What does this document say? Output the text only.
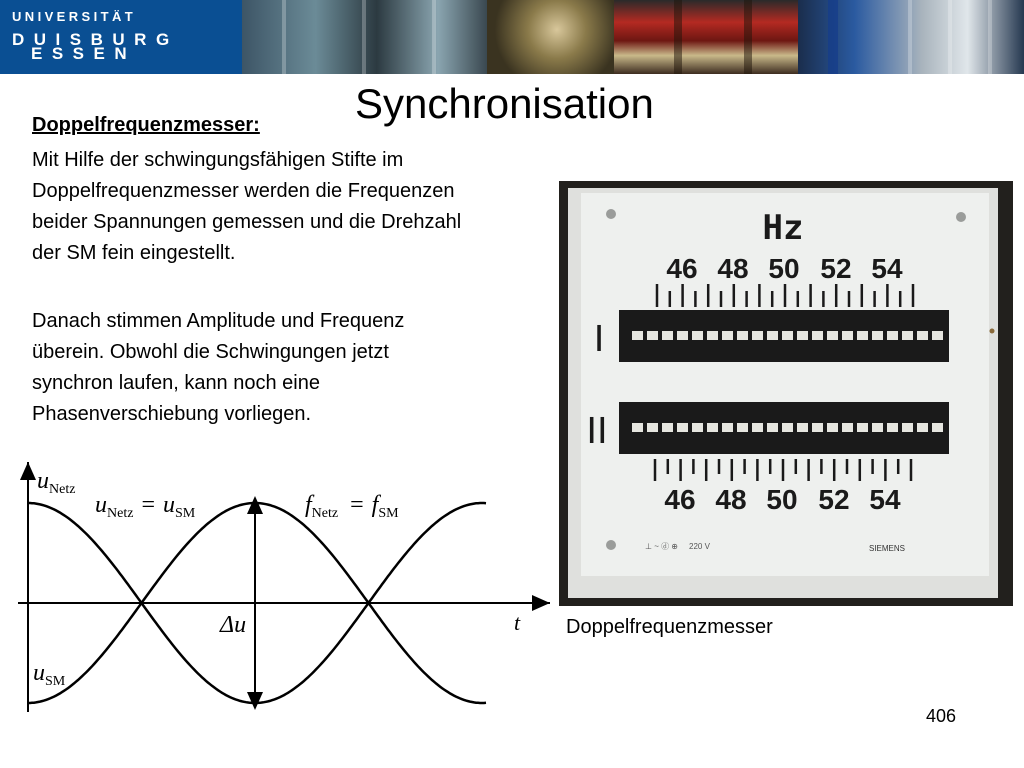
UNIVERSITÄT
DUISBURG
ESSEN
Synchronisation
Doppelfrequenzmesser:
Mit Hilfe der schwingungsfähigen Stifte im Doppelfrequenzmesser werden die Frequenzen beider Spannungen gemessen und die Drehzahl der SM fein eingestellt.
Danach stimmen Amplitude und Frequenz überein. Obwohl die Schwingungen jetzt synchron laufen, kann noch eine Phasenverschiebung vorliegen.
Hz
46 48 50 52 54
I
II
46 48 50 52 54
⊥ ~ ⓓ ⊕ 220 V	SIEMENS
Doppelfrequenzmesser
406
$u_{Netz}$
$u_{Netz} = u_{SM}$	$f_{Netz} = f_{SM}$
Δu	t
$u_{SM}$
